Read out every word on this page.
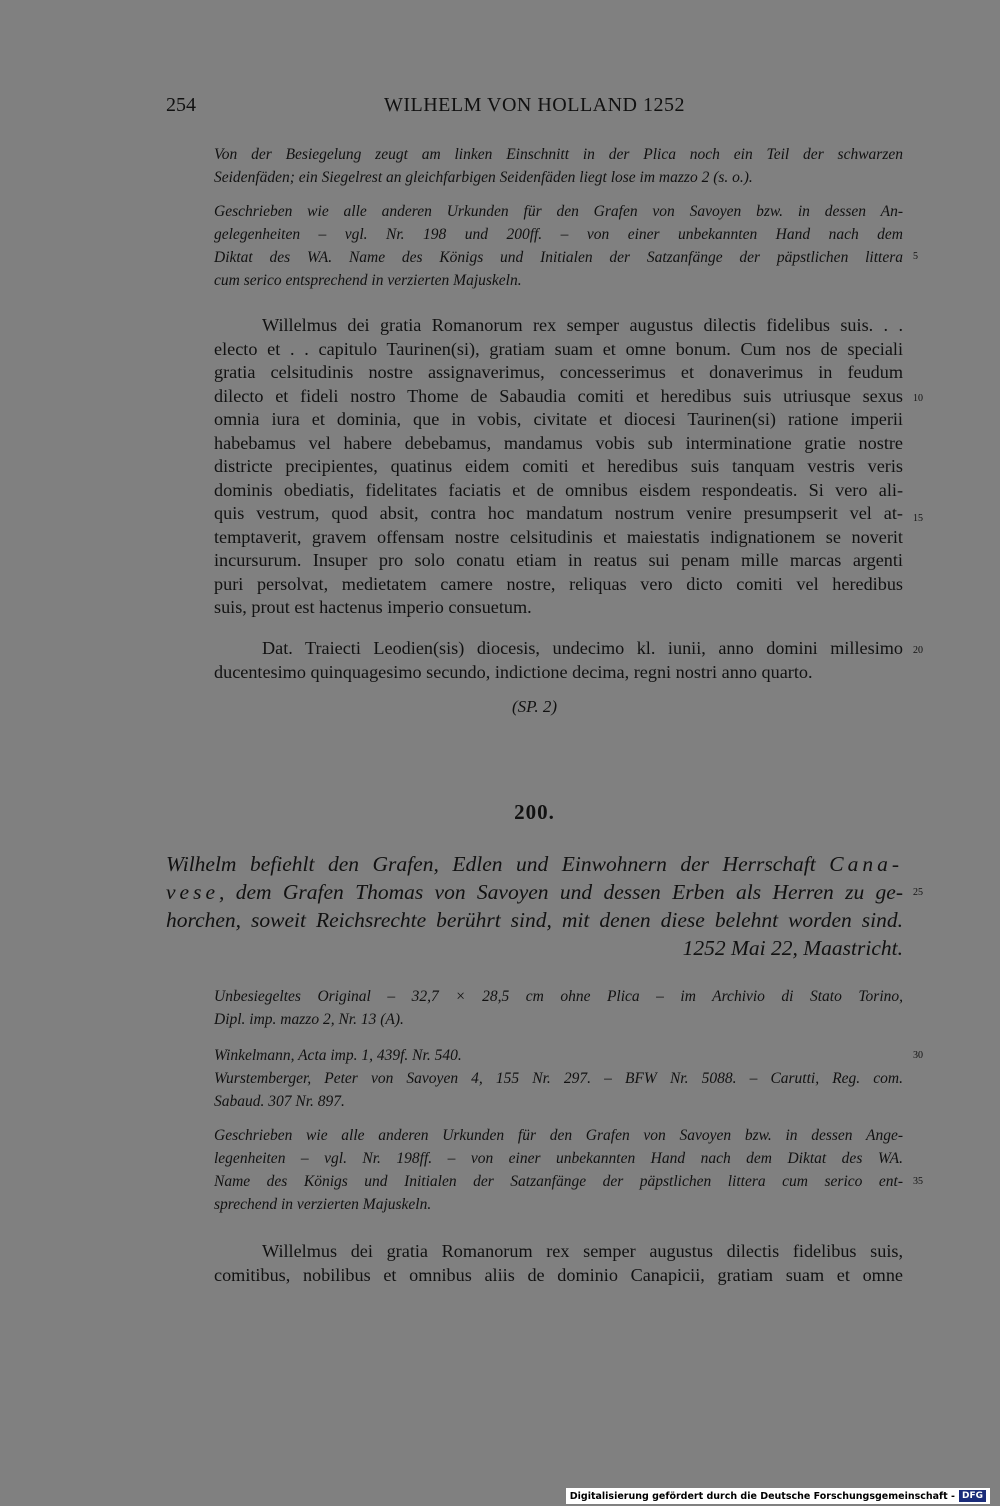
254	WILHELM VON HOLLAND 1252

Von der Besiegelung zeugt am linken Einschnitt in der Plica noch ein Teil der schwarzen

Seidenfäden; ein Siegelrest an gleichfarbigen Seidenfäden liegt lose im mazzo 2 (s. o.).

Geschrieben wie alle anderen Urkunden für den Grafen von Savoyen bzw. in dessen An-

gelegenheiten – vgl. Nr. 198 und 200ff. – von einer unbekannten Hand nach dem

Diktat des WA. Name des Königs und Initialen der Satzanfänge der päpstlichen littera

cum serico entsprechend in verzierten Majuskeln.

Willelmus dei gratia Romanorum rex semper augustus dilectis fidelibus suis. . .

electo et . . capitulo Taurinen(si), gratiam suam et omne bonum. Cum nos de speciali

gratia celsitudinis nostre assignaverimus, concesserimus et donaverimus in feudum

dilecto et fideli nostro Thome de Sabaudia comiti et heredibus suis utriusque sexus

omnia iura et dominia, que in vobis, civitate et diocesi Taurinen(si) ratione imperii

habebamus vel habere debebamus, mandamus vobis sub interminatione gratie nostre

districte precipientes, quatinus eidem comiti et heredibus suis tanquam vestris veris

dominis obediatis, fidelitates faciatis et de omnibus eisdem respondeatis. Si vero ali-

quis vestrum, quod absit, contra hoc mandatum nostrum venire presumpserit vel at-

temptaverit, gravem offensam nostre celsitudinis et maiestatis indignationem se noverit

incursurum. Insuper pro solo conatu etiam in reatus sui penam mille marcas argenti

puri persolvat, medietatem camere nostre, reliquas vero dicto comiti vel heredibus

suis, prout est hactenus imperio consuetum.

Dat. Traiecti Leodien(sis) diocesis, undecimo kl. iunii, anno domini millesimo

ducentesimo quinquagesimo secundo, indictione decima, regni nostri anno quarto.

(SP. 2)
200.

Wilhelm befiehlt den Grafen, Edlen und Einwohnern der Herrschaft Cana-

vese, dem Grafen Thomas von Savoyen und dessen Erben als Herren zu ge-

horchen, soweit Reichsrechte berührt sind, mit denen diese belehnt worden sind.

1252 Mai 22, Maastricht.

Unbesiegeltes Original – 32,7 × 28,5 cm ohne Plica – im Archivio di Stato Torino,

Dipl. imp. mazzo 2, Nr. 13 (A).

Winkelmann, Acta imp. 1, 439f. Nr. 540.

Wurstemberger, Peter von Savoyen 4, 155 Nr. 297. – BFW Nr. 5088. – Carutti, Reg. com.

Sabaud. 307 Nr. 897.

Geschrieben wie alle anderen Urkunden für den Grafen von Savoyen bzw. in dessen Ange-

legenheiten – vgl. Nr. 198ff. – von einer unbekannten Hand nach dem Diktat des WA.

Name des Königs und Initialen der Satzanfänge der päpstlichen littera cum serico ent-

sprechend in verzierten Majuskeln.

Willelmus dei gratia Romanorum rex semper augustus dilectis fidelibus suis,

comitibus, nobilibus et omnibus aliis de dominio Canapicii, gratiam suam et omne

5
10
15
20
25
30
35
Digitalisierung gefördert durch die Deutsche Forschungsgemeinschaft - DFG
